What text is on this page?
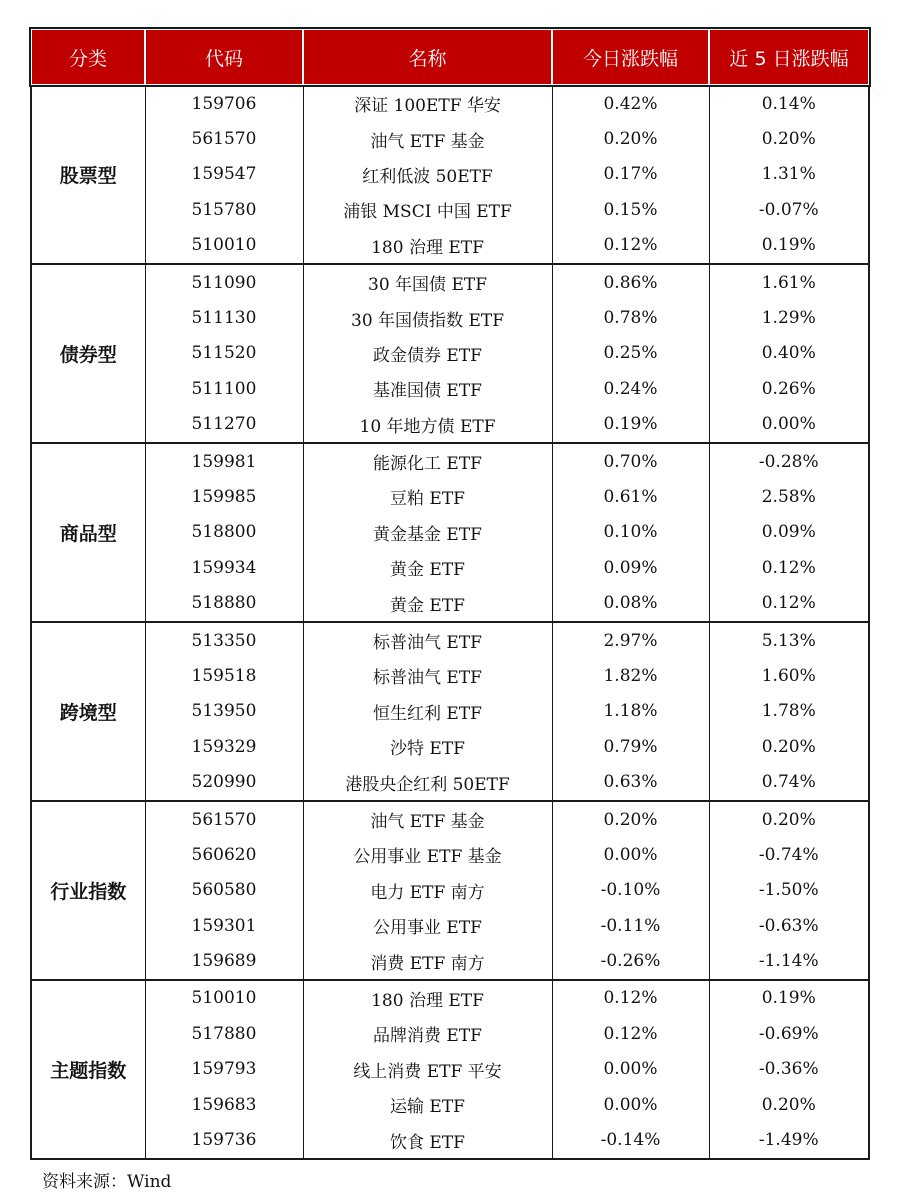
分类	代码	名称	今日涨跌幅	近 5 日涨跌幅
股票型	159706	深证 100ETF 华安	0.42%	0.14%
	561570	油气 ETF 基金	0.20%	0.20%
	159547	红利低波 50ETF	0.17%	1.31%
	515780	浦银 MSCI 中国 ETF	0.15%	-0.07%
	510010	180 治理 ETF	0.12%	0.19%
债券型	511090	30 年国债 ETF	0.86%	1.61%
	511130	30 年国债指数 ETF	0.78%	1.29%
	511520	政金债券 ETF	0.25%	0.40%
	511100	基准国债 ETF	0.24%	0.26%
	511270	10 年地方债 ETF	0.19%	0.00%
商品型	159981	能源化工 ETF	0.70%	-0.28%
	159985	豆粕 ETF	0.61%	2.58%
	518800	黄金基金 ETF	0.10%	0.09%
	159934	黄金 ETF	0.09%	0.12%
	518880	黄金 ETF	0.08%	0.12%
跨境型	513350	标普油气 ETF	2.97%	5.13%
	159518	标普油气 ETF	1.82%	1.60%
	513950	恒生红利 ETF	1.18%	1.78%
	159329	沙特 ETF	0.79%	0.20%
	520990	港股央企红利 50ETF	0.63%	0.74%
行业指数	561570	油气 ETF 基金	0.20%	0.20%
	560620	公用事业 ETF 基金	0.00%	-0.74%
	560580	电力 ETF 南方	-0.10%	-1.50%
	159301	公用事业 ETF	-0.11%	-0.63%
	159689	消费 ETF 南方	-0.26%	-1.14%
主题指数	510010	180 治理 ETF	0.12%	0.19%
	517880	品牌消费 ETF	0.12%	-0.69%
	159793	线上消费 ETF 平安	0.00%	-0.36%
	159683	运输 ETF	0.00%	0.20%
	159736	饮食 ETF	-0.14%	-1.49%
资料来源：Wind
